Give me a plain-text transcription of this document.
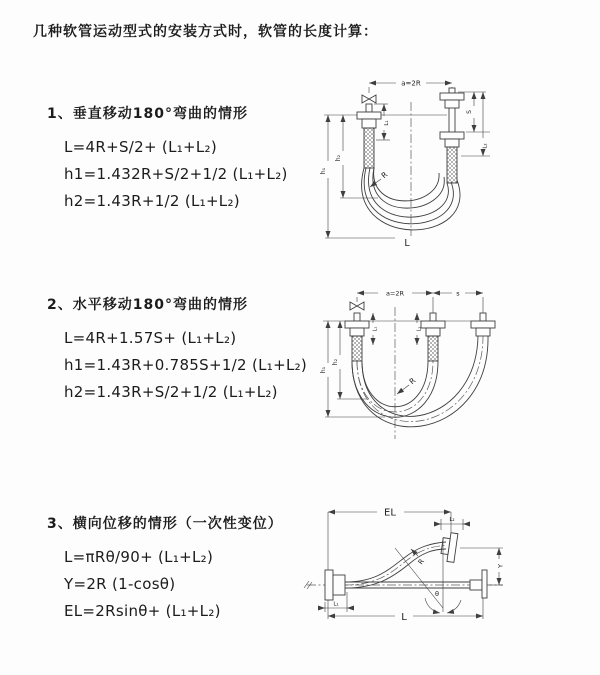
几种软管运动型式的安装方式时，软管的长度计算：
1、垂直移动180°弯曲的情形
L=4R+S/2+ (L₁+L₂)
h1=1.432R+S/2+1/2 (L₁+L₂)
h2=1.43R+1/2 (L₁+L₂)
2、水平移动180°弯曲的情形
L=4R+1.57S+ (L₁+L₂)
h1=1.43R+0.785S+1/2 (L₁+L₂)
h2=1.43R+S/2+1/2 (L₁+L₂)
3、横向位移的情形（一次性变位）
L=πRθ/90+ (L₁+L₂)
Y=2R (1-cosθ)
EL=2Rsinθ+ (L₁+L₂)
a=2R
h₁
h₂
L₁
S
L₂
R
L
a=2R	s
L₁	L₂
h₁
h₂
R
EL
L₂
θ
R	Y
L₁
L
